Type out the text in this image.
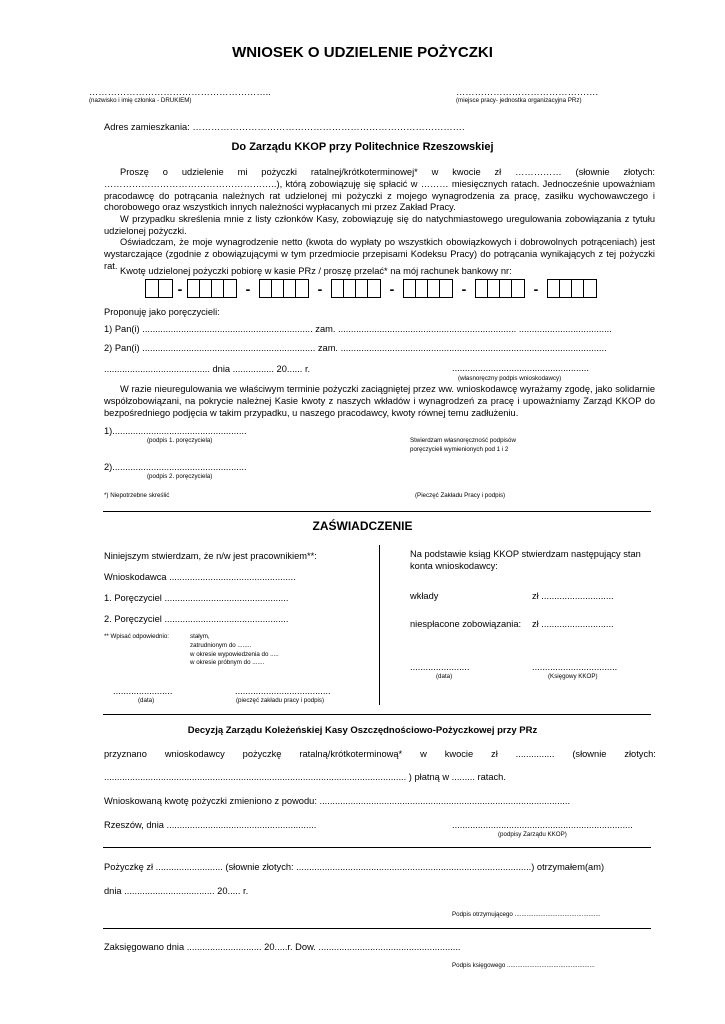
WNIOSEK O UDZIELENIE POŻYCZKI
…………………………………………………..
(nazwisko i imię członka - DRUKIEM)
……………………………………….
(miejsce pracy- jednostka organizacyjna PRz)
Adres zamieszkania: …………………………………………………………………………….
Do Zarządu KKOP przy Politechnice Rzeszowskiej
Proszę o udzielenie mi pożyczki ratalnej/krótkoterminowej* w kwocie zł …………… (słownie złotych: ………………………………………………..), którą zobowiązuję się spłacić w ……… miesięcznych ratach. Jednocześnie upoważniam pracodawcę do potrącania należnych rat udzielonej mi pożyczki z mojego wynagrodzenia za pracę, zasiłku wychowawczego i chorobowego oraz wszystkich innych należności wypłacanych mi przez Zakład Pracy.
W przypadku skreślenia mnie z listy członków Kasy, zobowiązuję się do natychmiastowego uregulowania zobowiązania z tytułu udzielonej pożyczki.
Oświadczam, że moje wynagrodzenie netto (kwota do wypłaty po wszystkich obowiązkowych i dobrowolnych potrąceniach) jest wystarczające (zgodnie z obowiązującymi w tym przedmiocie przepisami Kodeksu Pracy) do potrącania wynikających z tej pożyczki rat.
Kwotę udzielonej pożyczki pobiorę w kasie PRz / proszę przelać* na mój rachunek bankowy nr:
-	-	-	-	-	-
Proponuję jako poręczycieli:
1) Pan(i) .................................................................. zam. ..................................................................... ....................................
2) Pan(i) ................................................................... zam. .......................................................................................................
......................................... dnia ................ 20...... r.	.....................................................
(własnoręczny podpis wnioskodawcy)
W razie nieuregulowania we właściwym terminie pożyczki zaciągniętej przez ww. wnioskodawcę wyrażamy zgodę, jako solidarnie współzobowiązani, na pokrycie należnej Kasie kwoty z naszych wkładów i wynagrodzeń za pracę i upoważniamy Zarząd KKOP do bezpośredniego podjęcia w takim przypadku, u naszego pracodawcy, kwoty równej temu zadłużeniu.
1)....................................................
(podpis 1. poręczyciela)	Stwierdzam własnoręczność podpisów
poręczycieli wymienionych pod 1 i 2
2)....................................................
(podpis 2. poręczyciela)
*) Niepotrzebne skreślić	(Pieczęć Zakładu Pracy i podpis)
ZAŚWIADCZENIE
Niniejszym stwierdzam, że n/w jest pracownikiem**:
Wnioskodawca .................................................
1. Poręczyciel ................................................
2. Poręczyciel ................................................
** Wpisać odpowiednio:	stałym,
zatrudnionym do ........
w okresie wypowiedzenia do .....
w okresie próbnym do .......
.......................
(data)
.....................................
(pieczęć zakładu pracy i podpis)
Na podstawie ksiąg KKOP stwierdzam następujący stan
konta wnioskodawcy:
wkłady	zł ............................
niespłacone zobowiązania: zł ............................
.......................
(data)
.................................
(Księgowy KKOP)
Decyzją Zarządu Koleżeńskiej Kasy Oszczędnościowo-Pożyczkowej przy PRz
przyznano wnioskodawcy pożyczkę ratalną/krótkoterminową* w kwocie zł ............... (słownie złotych:
..................................................................................................................... ) płatną w ......... ratach.
Wnioskowaną kwotę pożyczki zmieniono z powodu: .................................................................................................
Rzeszów, dnia ..........................................................	......................................................................
(podpisy Zarządu KKOP)
Pożyczkę zł .......................... (słownie złotych: ...........................................................................................) otrzymałem(am)
dnia ................................... 20..... r.
Podpis otrzymującego ..................................................
Zaksięgowano dnia ............................. 20.....r. Dow. .......................................................
Podpis księgowego ...................................................
